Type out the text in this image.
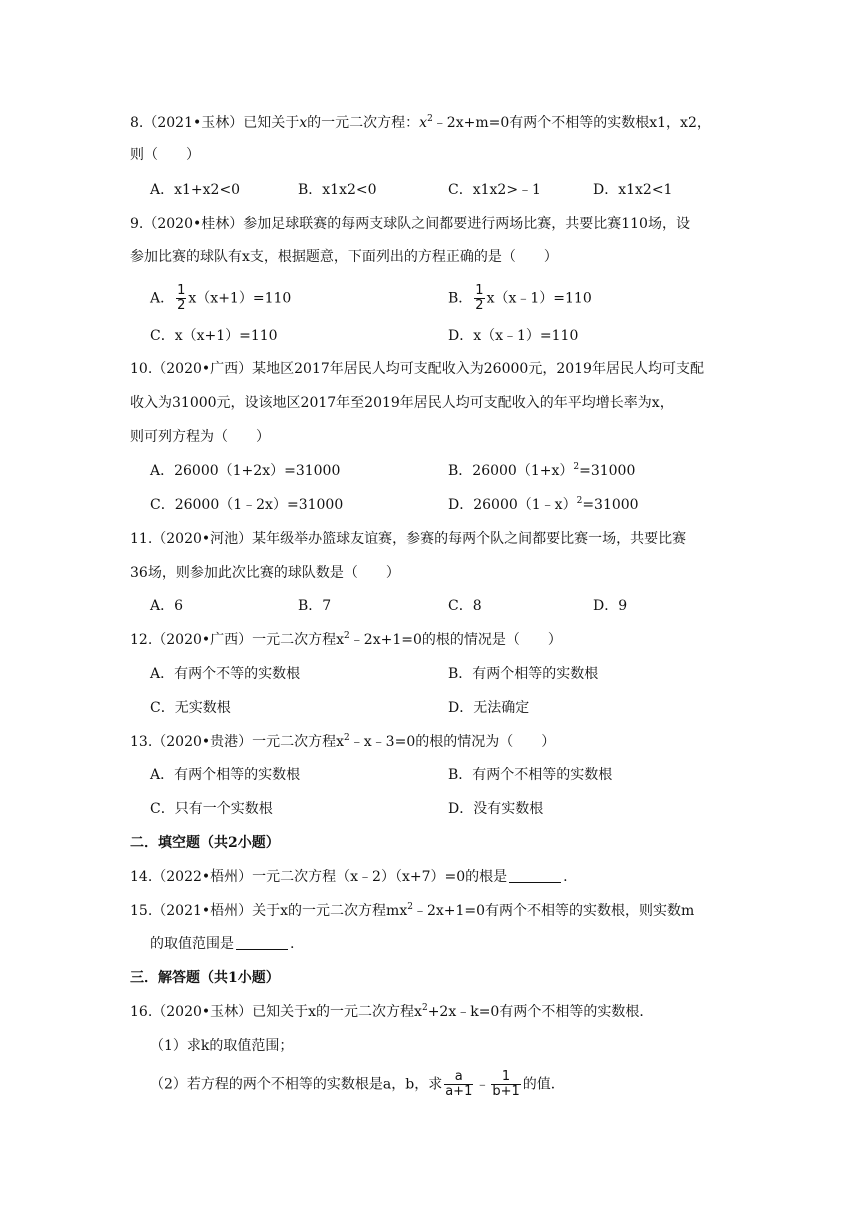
8.（2021•玉林）已知关于x的一元二次方程：$x^2﹣2x+m=0$有两个不相等的实数根x1，x2，
则（　　）
A．x1+x2<0	B．x1x2<0	C．x1x2>﹣1	D．x1x2<1
9.（2020•桂林）参加足球联赛的每两支球队之间都要进行两场比赛，共要比赛110场，设
参加比赛的球队有x支，根据题意，下面列出的方程正确的是（　　）
A． $\frac{1}{2} x(x+1)=110$	B． $\frac{1}{2}$ x（x﹣1）=110
C．x（x+1）=110	D．x（x﹣1）=110
10.（2020•广西）某地区2017年居民人均可支配收入为26000元，2019年居民人均可支配
收入为31000元，设该地区2017年至2019年居民人均可支配收入的年平均增长率为x，
则可列方程为（　　）
A．26000（1+2x）=31000	B．$26000(1+x)^2=31000$
C．26000（1﹣2x）=31000	D．26000（1﹣x）$^2$=31000
11.（2020•河池）某年级举办篮球友谊赛，参赛的每两个队之间都要比赛一场，共要比赛
36场，则参加此次比赛的球队数是（　　）
A．6	B．7	C．8	D．9
12.（2020•广西）一元二次方程$x^2﹣2x+1=0$的根的情况是（　　）
A．有两个不等的实数根	B．有两个相等的实数根
C．无实数根	D．无法确定
13.（2020•贵港）一元二次方程$x^2﹣x﹣3=0$的根的情况为（　　）
A．有两个相等的实数根	B．有两个不相等的实数根
C．只有一个实数根	D．没有实数根
二．填空题（共2小题）
14.（2022•梧州）一元二次方程（x﹣2）（x+7）=0的根是	.
15.（2021•梧州）关于x的一元二次方程$mx^2﹣2x+1=0$有两个不相等的实数根，则实数m
的取值范围是	.
三．解答题（共1小题）
16.（2020•玉林）已知关于x的一元二次方程$x^2+2x﹣k=0$有两个不相等的实数根．
（1）求k的取值范围；
（2）若方程的两个不相等的实数根是a，b，求 $\frac{a}{a+1}$ ﹣ $\frac{1}{b+1}$ 的值．
